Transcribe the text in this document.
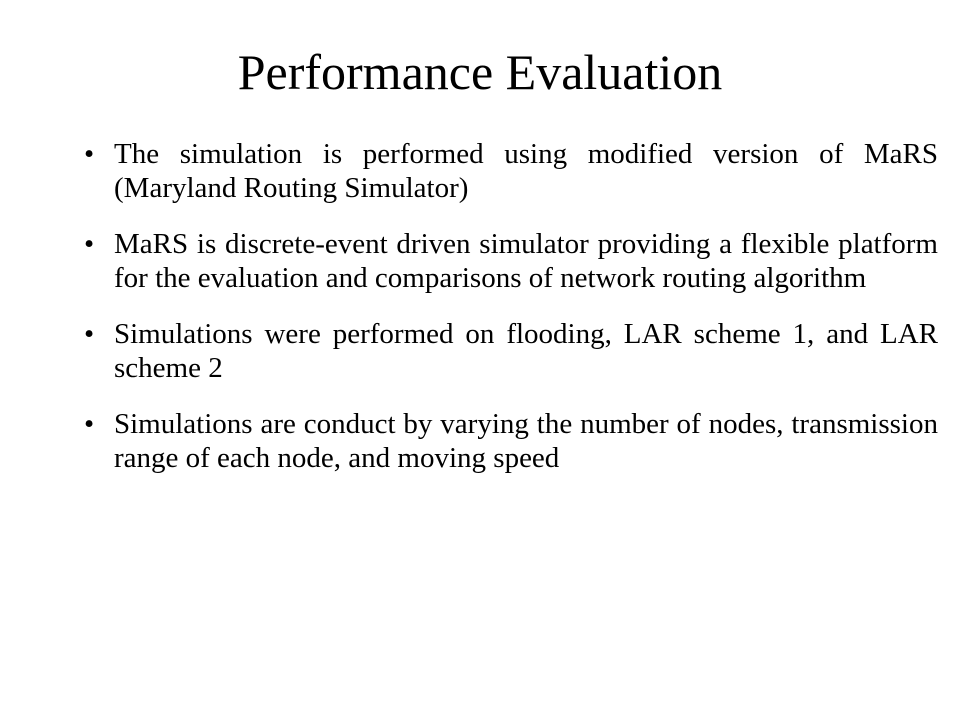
Performance Evaluation
• The simulation is performed using modified version of MaRS (Maryland Routing Simulator)
• MaRS is discrete-event driven simulator providing a flexible platform for the evaluation and comparisons of network routing algorithm
• Simulations were performed on flooding, LAR scheme 1, and LAR scheme 2
• Simulations are conduct by varying the number of nodes, transmission range of each node, and moving speed
